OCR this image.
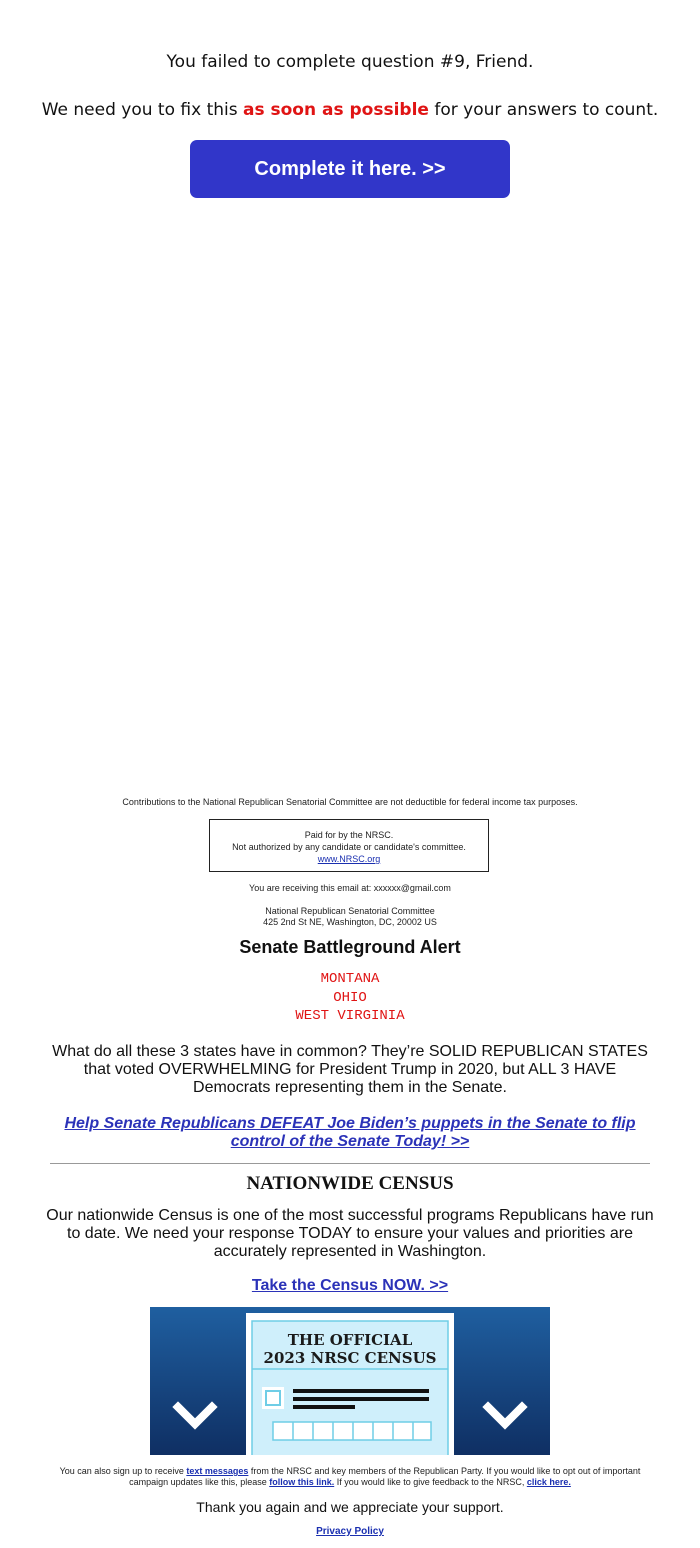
You failed to complete question #9, Friend.
We need you to fix this as soon as possible for your answers to count.
Complete it here. >>
Contributions to the National Republican Senatorial Committee are not deductible for federal income tax purposes.
Paid for by the NRSC.
Not authorized by any candidate or candidate's committee.
www.NRSC.org
You are receiving this email at: xxxxxx@gmail.com
National Republican Senatorial Committee
425 2nd St NE, Washington, DC, 20002 US
Senate Battleground Alert
MONTANA
OHIO
WEST VIRGINIA
What do all these 3 states have in common? They’re SOLID REPUBLICAN STATES that voted OVERWHELMING for President Trump in 2020, but ALL 3 HAVE Democrats representing them in the Senate.
Help Senate Republicans DEFEAT Joe Biden’s puppets in the Senate to flip control of the Senate Today! >>
NATIONWIDE CENSUS
Our nationwide Census is one of the most successful programs Republicans have run to date. We need your response TODAY to ensure your values and priorities are accurately represented in Washington.
Take the Census NOW. >>
THE OFFICIAL
2023 NRSC CENSUS
You can also sign up to receive text messages from the NRSC and key members of the Republican Party. If you would like to opt out of important campaign updates like this, please follow this link. If you would like to give feedback to the NRSC, click here.
Thank you again and we appreciate your support.
Privacy Policy
